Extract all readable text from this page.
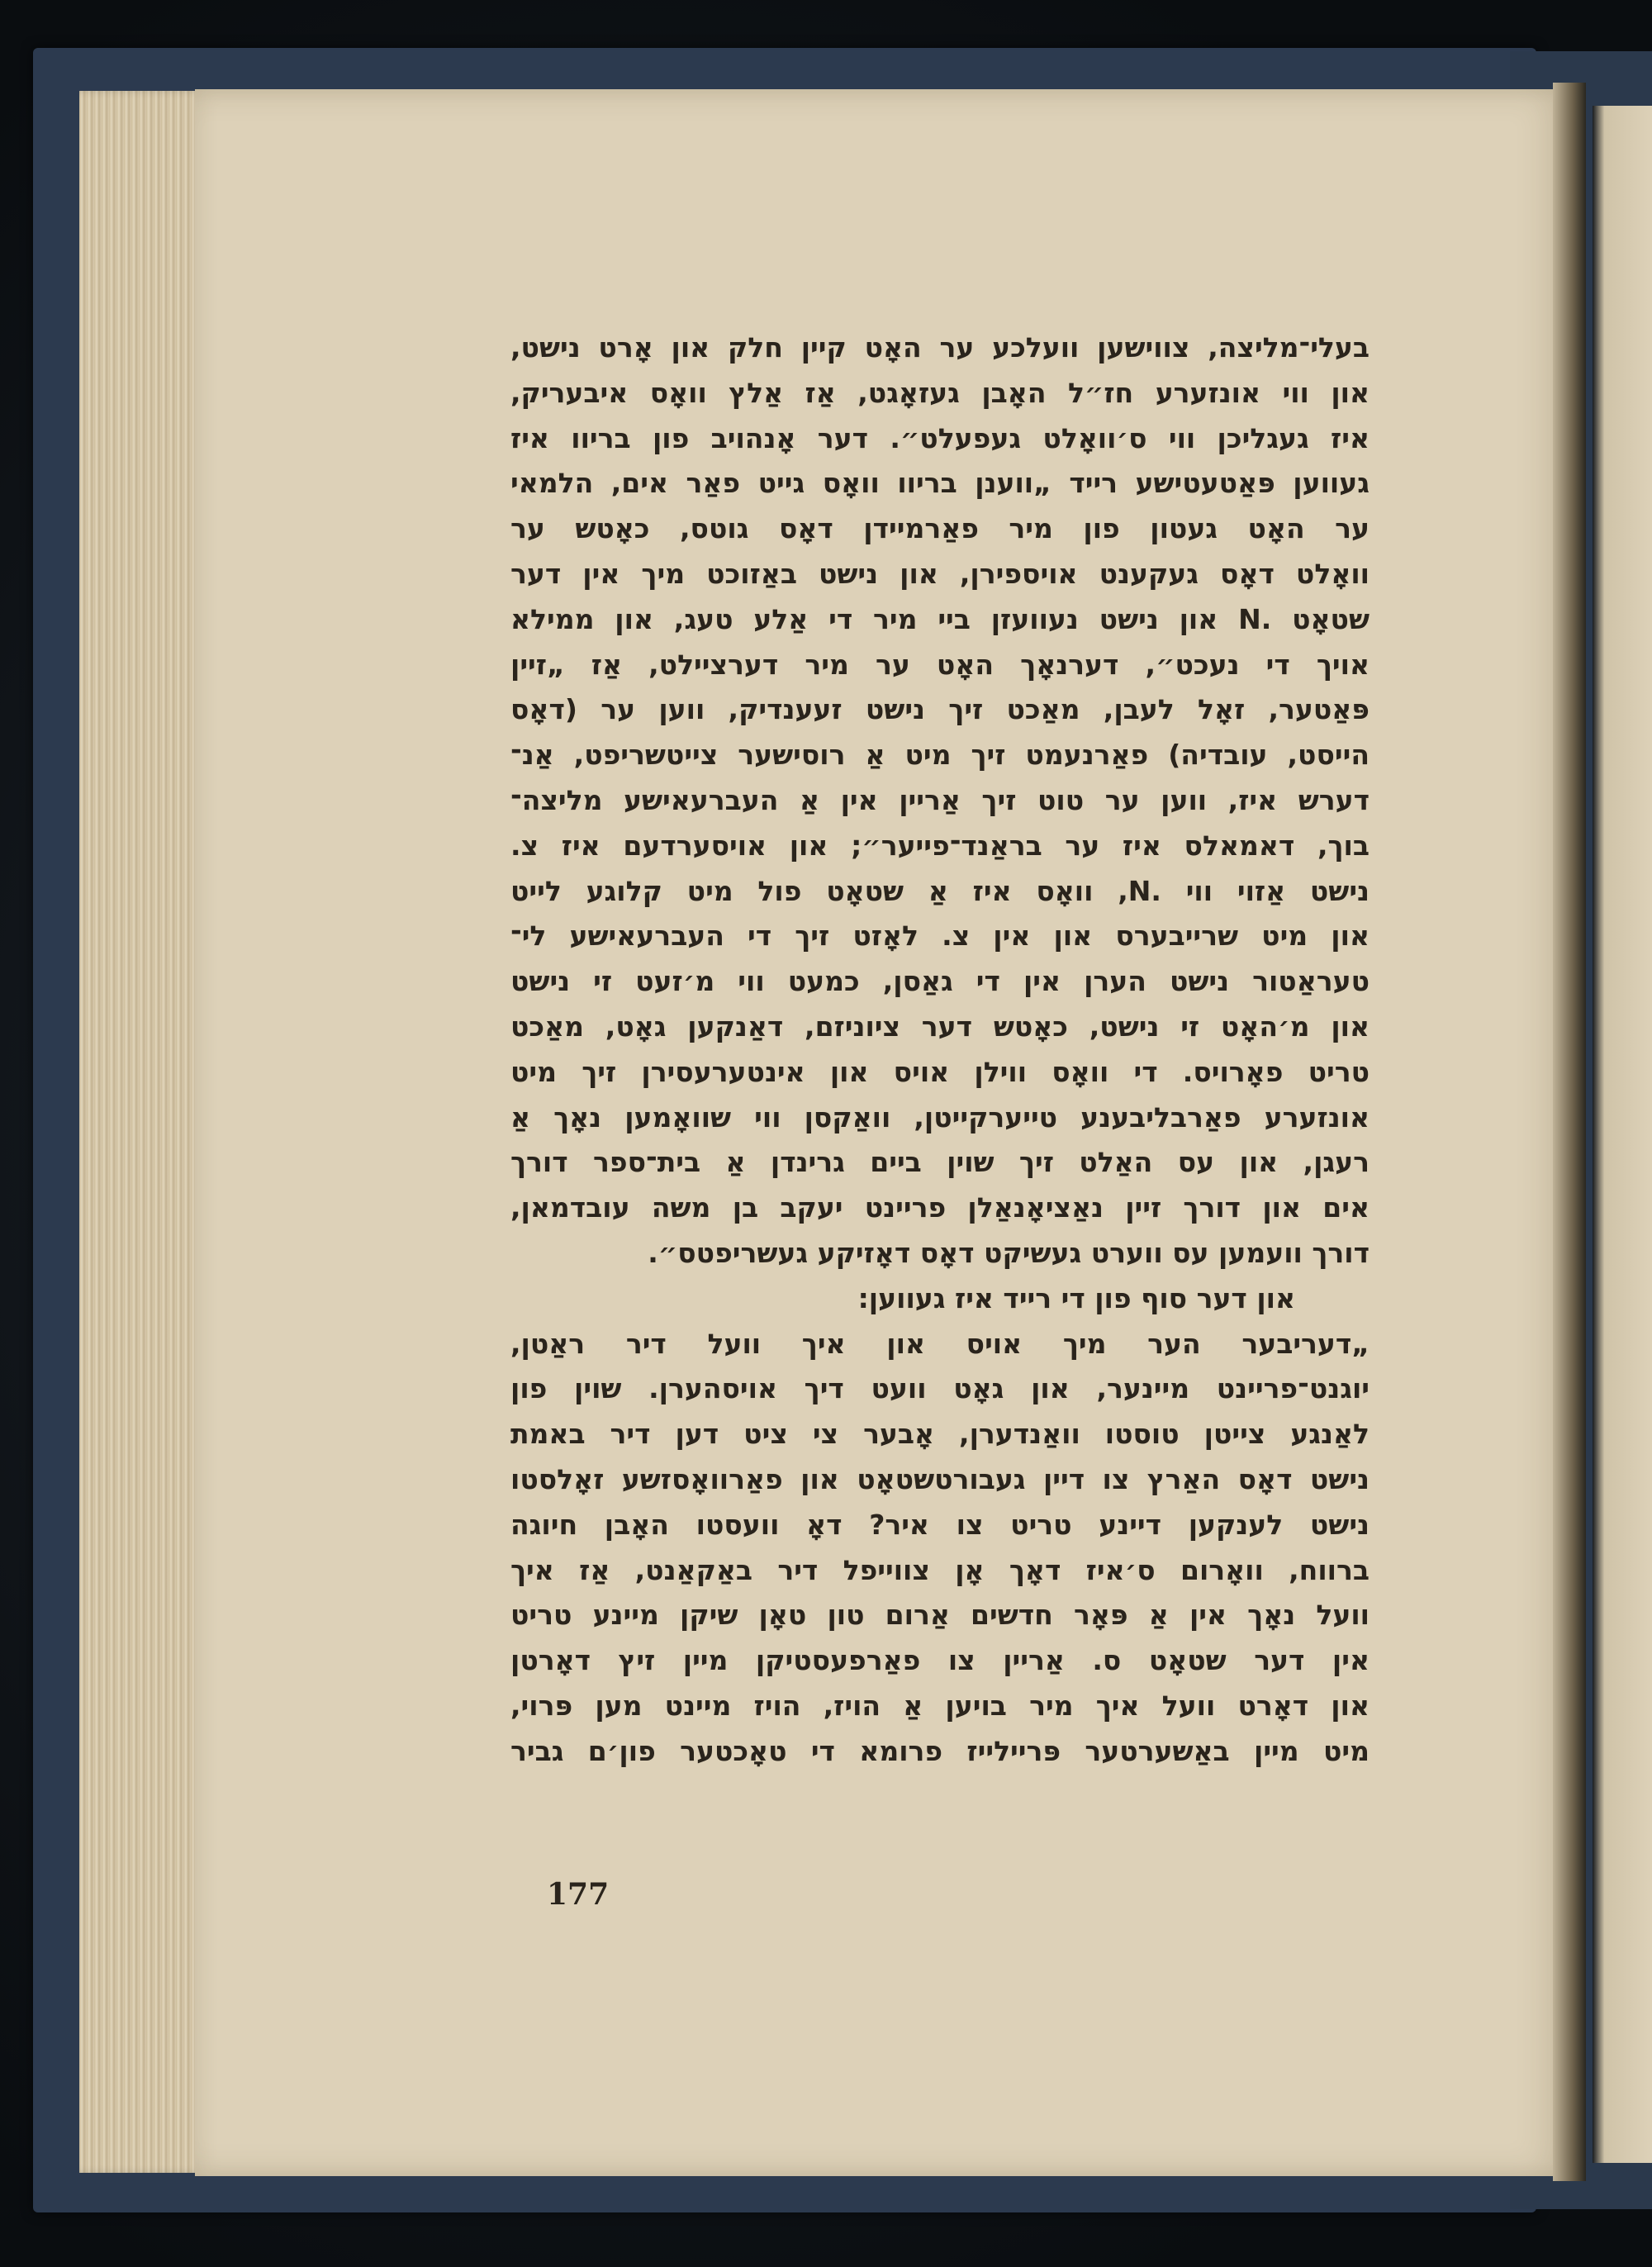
בעלי־מליצה, צווישען וועלכע ער האָט קיין חלק און אָרט נישט,
און ווי אונזערע חז״ל האָבן געזאָגט, אַז אַלץ וואָס איבעריק,
איז געגליכן ווי ס׳וואָלט געפעלט״. דער אָנהויב פון בריוו איז
געווען פּאַטעטישע רייד „ווענן בריוו וואָס גייט פאַר אים, הלמאי
ער האָט געטון פון מיר פאַרמיידן דאָס גוטס, כאָטש ער
וואָלט דאָס געקענט אויספירן, און נישט באַזוכט מיך אין דער
שטאָט .N און נישט נעוועזן ביי מיר די אַלע טעג, און ממילא
אויך די נעכט״, דערנאָך האָט ער מיר דערציילט, אַז „זיין
פּאַטער, זאָל לעבן, מאַכט זיך נישט זעענדיק, ווען ער (דאָס
הייסט, עובדיה) פאַרנעמט זיך מיט אַ רוסישער צייטשריפט, אַנ־
דערש איז, ווען ער טוט זיך אַריין אין אַ העברעאישע מליצה־
בוך, דאמאלס איז ער בראַנד־פייער״; און אויסערדעם איז צ.
נישט אַזוי ווי .N, וואָס איז אַ שטאָט פול מיט קלוגע לייט
און מיט שרייבערס און אין צ. לאָזט זיך די העברעאישע לי־
טעראַטור נישט הערן אין די גאַסן, כמעט ווי מ׳זעט זי נישט
און מ׳האָט זי נישט, כאָטש דער ציוניזם, דאַנקען גאָט, מאַכט
טריט פאָרויס. די וואָס ווילן אויס און אינטערעסירן זיך מיט
אונזערע פאַרבליבענע טייערקייטן, וואַקסן ווי שוואָמען נאָך אַ
רעגן, און עס האַלט זיך שוין ביים גרינדן אַ בית־ספר דורך
אים און דורך זיין נאַציאָנאַלן פריינט יעקב בן משה עובדמאן,
דורך וועמען עס ווערט געשיקט דאָס דאָזיקע געשריפטס״.
און דער סוף פון די רייד איז געווען:
„דעריבער הער מיך אויס און איך וועל דיר ראַטן,
יוגנט־פריינט מיינער, און גאָט וועט דיך אויסהערן. שוין פון
לאַנגע צייטן טוסטו וואַנדערן, אָבער צי ציט דען דיר באמת
נישט דאָס האַרץ צו דיין געבורטשטאָט און פאַרוואָסזשע זאָלסטו
נישט לענקען דיינע טריט צו איר? דאָ וועסטו האָבן חיוגה
ברווח, וואָרום ס׳איז דאָך אָן צווייפל דיר באַקאַנט, אַז איך
וועל נאָך אין אַ פּאָר חדשים אַרום טון טאָן שיקן מיינע טריט
אין דער שטאָט ס. אַריין צו פאַרפעסטיקן מיין זיץ דאָרטן
און דאָרט וועל איך מיר בויען אַ הויז, הויז מיינט מען פּרוי,
מיט מיין באַשערטער פּריילייז פרומא די טאָכטער פון׳ם גביר
177
